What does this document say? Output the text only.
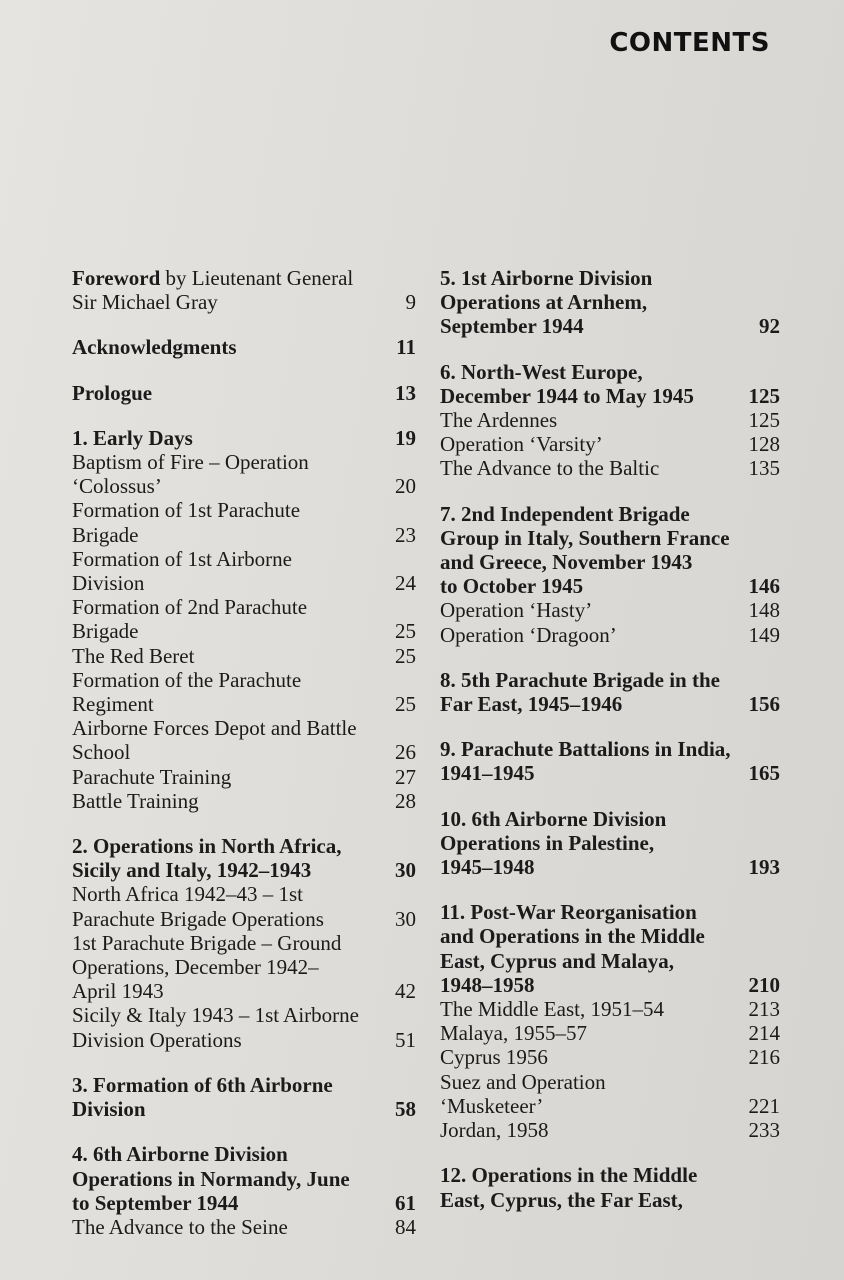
CONTENTS
Foreword by Lieutenant General
Sir Michael Gray	9
Acknowledgments	11
Prologue	13
1. Early Days	19
Baptism of Fire – Operation
‘Colossus’	20
Formation of 1st Parachute
Brigade	23
Formation of 1st Airborne
Division	24
Formation of 2nd Parachute
Brigade	25
The Red Beret	25
Formation of the Parachute
Regiment	25
Airborne Forces Depot and Battle
School	26
Parachute Training	27
Battle Training	28
2. Operations in North Africa,
Sicily and Italy, 1942–1943	30
North Africa 1942–43 – 1st
Parachute Brigade Operations	30
1st Parachute Brigade – Ground
Operations, December 1942–
April 1943	42
Sicily & Italy 1943 – 1st Airborne
Division Operations	51
3. Formation of 6th Airborne
Division	58
4. 6th Airborne Division
Operations in Normandy, June
to September 1944	61
The Advance to the Seine	84
5. 1st Airborne Division
Operations at Arnhem,
September 1944	92
6. North-West Europe,
December 1944 to May 1945	125
The Ardennes	125
Operation ‘Varsity’	128
The Advance to the Baltic	135
7. 2nd Independent Brigade
Group in Italy, Southern France
and Greece, November 1943
to October 1945	146
Operation ‘Hasty’	148
Operation ‘Dragoon’	149
8. 5th Parachute Brigade in the
Far East, 1945–1946	156
9. Parachute Battalions in India,
1941–1945	165
10. 6th Airborne Division
Operations in Palestine,
1945–1948	193
11. Post-War Reorganisation
and Operations in the Middle
East, Cyprus and Malaya,
1948–1958	210
The Middle East, 1951–54	213
Malaya, 1955–57	214
Cyprus 1956	216
Suez and Operation
‘Musketeer’	221
Jordan, 1958	233
12. Operations in the Middle
East, Cyprus, the Far East,
